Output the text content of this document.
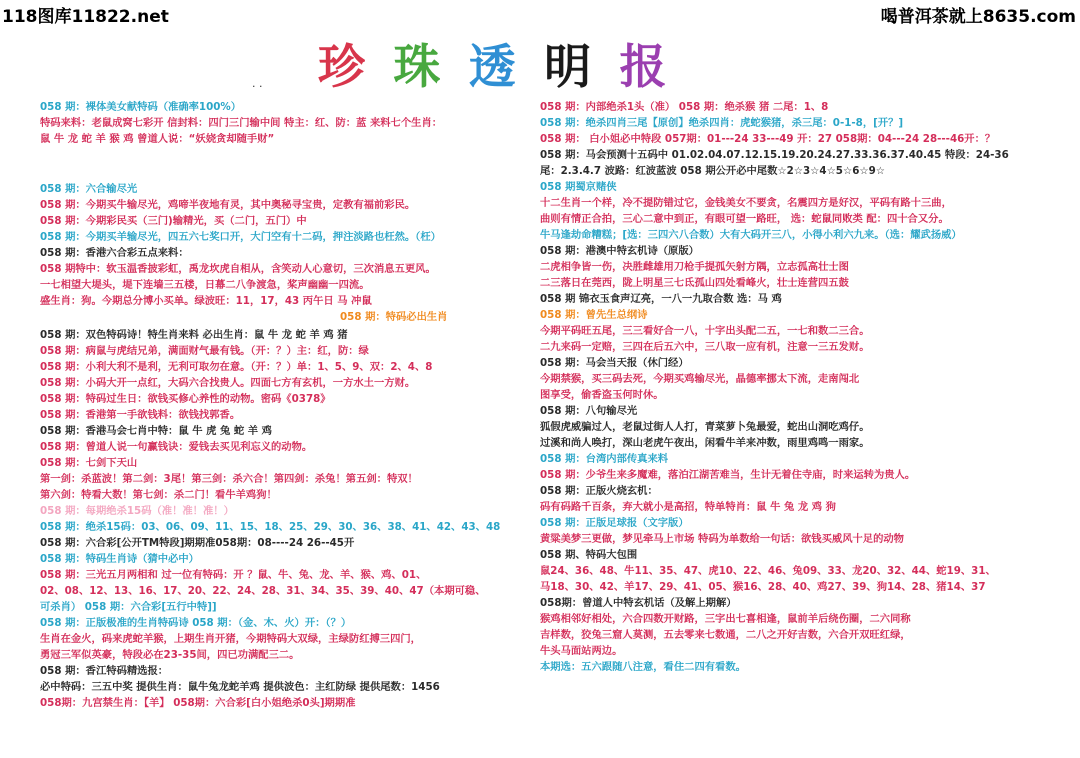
118图库11822.net	喝普洱茶就上8635.com
珍 珠 透 明 报
. .
058 期：裸体美女献特码（准确率100%）
特码来料：老鼠成窝七彩开 信封料：四门三门输中间 特主：红、防：蓝 来料七个生肖：
鼠 牛 龙 蛇 羊 猴 鸡 曾道人说：“妖娆贪却随手财”
058 期：六合输尽光
058 期：今期买牛输尽光，鸡啼半夜地有灵，其中奥秘寻宝贵，定教有福前彩民。
058 期：今期彩民买（三门)输精光，买（二门，五门）中
058 期：今期买羊输尽光，四五六七奖口开，大门空有十二码，押注淡路也枉然。（枉）
058 期：香港六合彩五点来料：
058 期特中：软玉温香披彩虹，禹龙坎虎自相从，含笑动人心意切，三次消息五更风。
一七相望大堤头，堤下连墙三五楼，日幕二八争渡急，桨声幽幽一四流。
盛生肖：狗。今期总分博小买单。绿波旺：11，17，43 丙午日 马 冲鼠
058 期：特码必出生肖
058 期：双色特码诗！特生肖来料 必出生肖：鼠 牛 龙 蛇 羊 鸡 猪
058 期：病鼠与虎结兄弟，满面财气最有钱。（开：？）主：红，防：绿
058 期：小利大利不是利，无利可取勿在意。（开：？）单：1、5、9、双：2、4、8
058 期：小码大开一点红，大码六合找贵人。四面七方有玄机，一方水土一方财。
058 期：特码过生日：欲钱买修心养性的动物。密码《0378》
058 期：香港第一手欲钱料：欲钱找郭香。
058 期：香港马会七肖中特：鼠 牛 虎 兔 蛇 羊 鸡
058 期：曾道人说一句赢钱诀：爱钱去买见利忘义的动物。
058 期：七剑下天山
第一剑：杀蓝波！第二剑：3尾！第三剑：杀六合！第四剑：杀兔！第五剑：特双！
第六剑：特看大数！第七剑：杀二门！看牛羊鸡狗！
058 期：每期绝杀15码（准！准！准！）
058 期：绝杀15码：03、06、09、11、15、18、25、29、30、36、38、41、42、43、48
058 期：六合彩[公开TM特段]期期准058期：08----24 26--45开
058 期：特码生肖诗（猜中必中）
058 期：三光五月两相和 过一位有特码：开 ？鼠、牛、兔、龙、羊、猴、鸡、01、
02、08、12、13、16、17、20、22、24、28、31、34、35、39、40、47（本期可稳、
可杀肖） 058 期：六合彩[五行中特]]
058 期：正版极准的生肖特码诗 058 期：（金、木、火）开：（？）
生肖在金火，码来虎蛇羊猴，上期生肖开猪，今期特码大双绿，主绿防红搏三四门，
勇冠三军似英豪，特段必在23-35间，四已功满配三二。
058 期：香江特码精选报：
必中特码：三五中奖 提供生肖：鼠牛兔龙蛇羊鸡 提供波色：主红防绿 提供尾数：1456
058期：九宫禁生肖：【羊】 058期：六合彩[白小姐绝杀0头]期期准
058 期：内部绝杀1头（准） 058 期：绝杀猴 猪 二尾：1、8
058 期：绝杀四肖三尾【原创】绝杀四肖：虎蛇猴猪，杀三尾：0-1-8，[开？]
058 期： 白小姐必中特段 057期：01---24 33---49 开：27 058期：04---24 28---46开：？
058 期：马会预测十五码中 01.02.04.07.12.15.19.20.24.27.33.36.37.40.45 特段：24-36
尾：2.3.4.7 波路：红波蓝波 058 期公开必中尾数☆2☆3☆4☆5☆6☆9☆
058 期蜀京赌侠
十二生肖一个样，冷不提防错过它，金钱美女不要贪，名震四方是好汉，平码有路十三曲，
曲则有情正合拍，三心二意中到正，有眼可望一路旺， 选：蛇鼠同败类 配：四十合又分。
牛马逢劫命糟糕；[选：三四六八合数）大有大码开三八，小得小利六九来。（选：耀武扬威）
058 期：港澳中特玄机诗（原版）
二虎相争皆一伤，决胜雌雄用刀枪手提孤矢射方隅，立志孤高壮士图
二三落日在莞西，陇上明星三七氐孤山四处看峰火，壮士连营四五鼓
058 期 锦衣玉食声辽亮，一八一九取合数 选：马 鸡
058 期：曾先生总纲诗
今期平码旺五尾，三三看好合一八，十字出头配二五，一七和数二三合。
二九来码一定赔，三四在后五六中，三八取一应有机，注意一三五发财。
058 期：马会当天报（休门经）
今期禁猴，买三码去死，今期买鸡输尽光，晶德率挪太下流，走南闯北
图享受，偷香盗玉何时休。
058 期：八句输尽光
狐假虎威骗过人，老鼠过街人人打，青菜萝卜兔最爱，蛇出山洞吃鸡仔。
过溪和尚人唤打，深山老虎午夜出，闲看牛羊来冲数，雨里鸡鸣一雨家。
058 期：台湾内部传真来料
058 期：少爷生来多魔难，落泊江湖苦难当，生计无着住寺庙，时来运转为贵人。
058 期：正版火烧玄机：
码有码路千百条，弃大就小是高招，特单特肖：鼠 牛 兔 龙 鸡 狗
058 期：正版足球报（文字版）
黄粱美梦三更做，梦见牵马上市场 特码为单数给一句话：欲钱买威风十足的动物
058 期、特码大包围
鼠24、36、48、牛11、35、47、虎10、22、46、兔09、33、龙20、32、44、蛇19、31、
马18、30、42、羊17、29、41、05、猴16、28、40、鸡27、39、狗14、28、猪14、37
058期：曾道人中特玄机话（及解上期解）
猴鸡相邻好相处，六合四数开财路，三字出七喜相逢，鼠前羊后绕伤圈，二六同称
吉样数，狡兔三窟人莫测，五去零来七数通，二八之开好吉数，六合开双旺红绿，
牛头马面站两边。
本期选：五六跟随八注意，看住二四有看数。
